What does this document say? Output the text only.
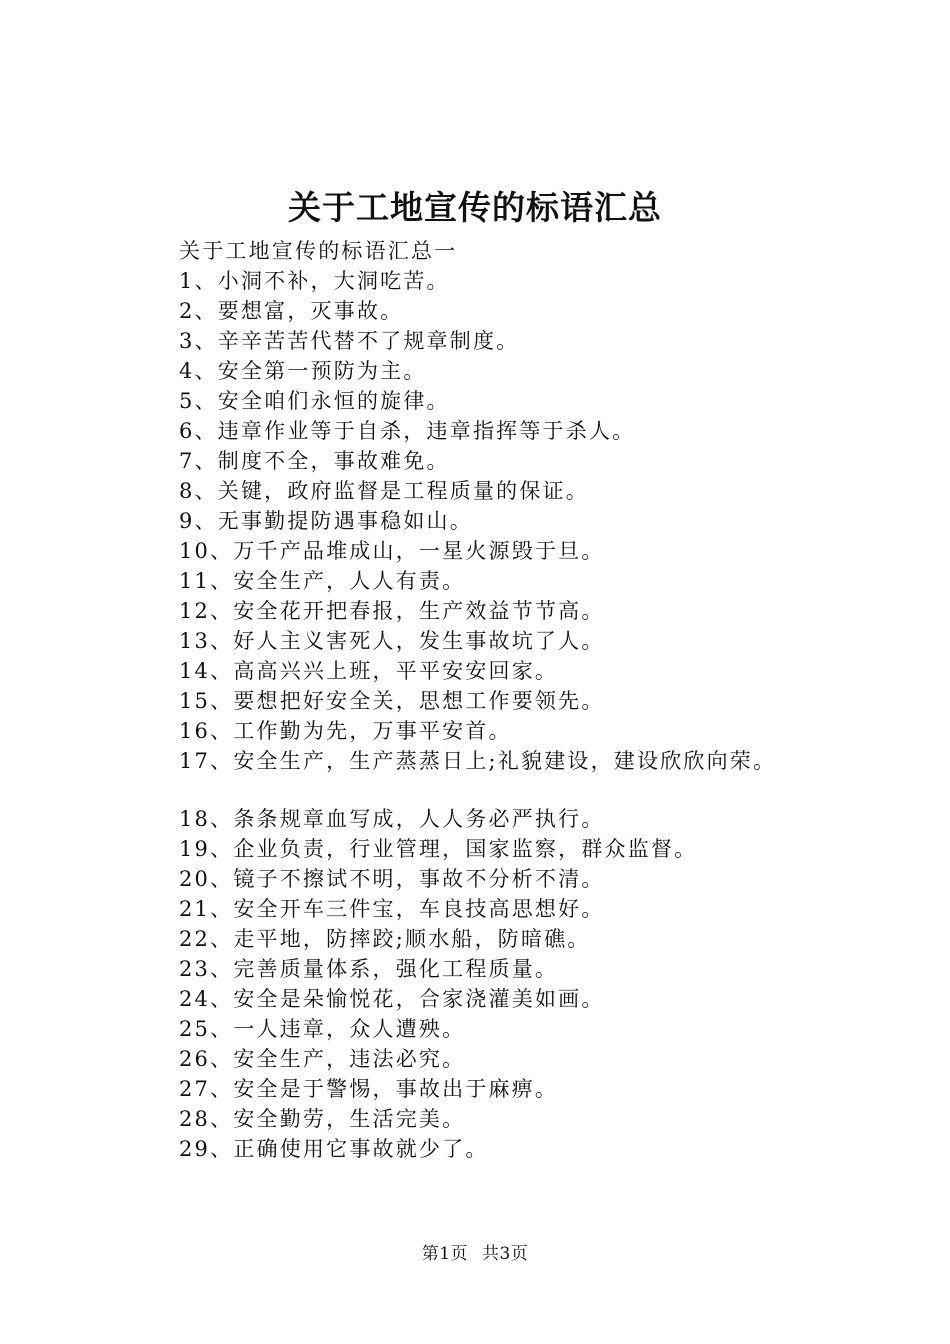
关于工地宣传的标语汇总
关于工地宣传的标语汇总一
1、小洞不补，大洞吃苦。
2、要想富，灭事故。
3、辛辛苦苦代替不了规章制度。
4、安全第一预防为主。
5、安全咱们永恒的旋律。
6、违章作业等于自杀，违章指挥等于杀人。
7、制度不全，事故难免。
8、关键，政府监督是工程质量的保证。
9、无事勤提防遇事稳如山。
10、万千产品堆成山，一星火源毁于旦。
11、安全生产，人人有责。
12、安全花开把春报，生产效益节节高。
13、好人主义害死人，发生事故坑了人。
14、高高兴兴上班，平平安安回家。
15、要想把好安全关，思想工作要领先。
16、工作勤为先，万事平安首。
17、安全生产，生产蒸蒸日上;礼貌建设，建设欣欣向荣。
18、条条规章血写成，人人务必严执行。
19、企业负责，行业管理，国家监察，群众监督。
20、镜子不擦试不明，事故不分析不清。
21、安全开车三件宝，车良技高思想好。
22、走平地，防摔跤;顺水船，防暗礁。
23、完善质量体系，强化工程质量。
24、安全是朵愉悦花，合家浇灌美如画。
25、一人违章，众人遭殃。
26、安全生产，违法必究。
27、安全是于警惕，事故出于麻痹。
28、安全勤劳，生活完美。
29、正确使用它事故就少了。
第1页 共3页
